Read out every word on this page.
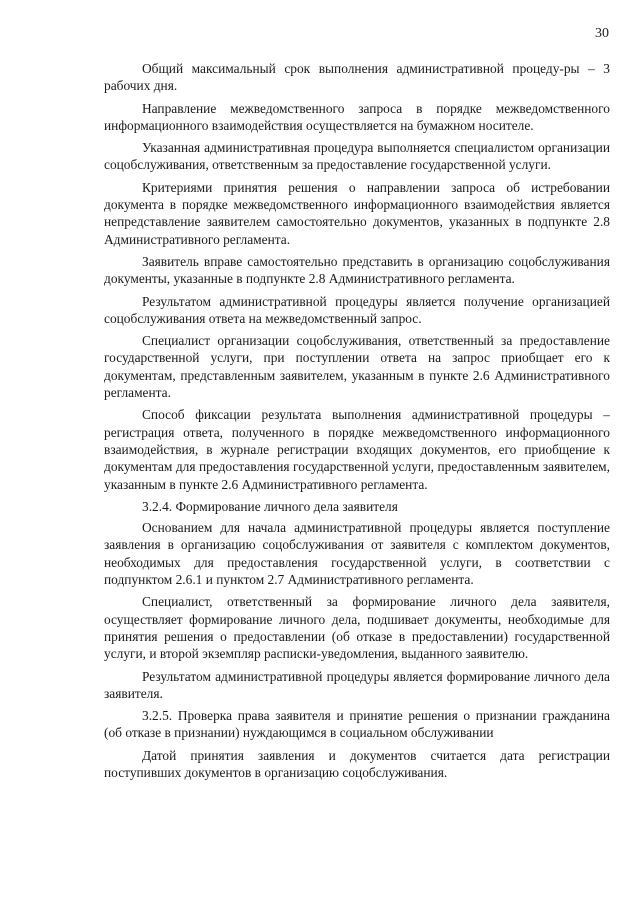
30

Общий максимальный срок выполнения административной процеду-ры – 3 рабочих дня.

Направление межведомственного запроса в порядке межведомственного информационного взаимодействия осуществляется на бумажном носителе.

Указанная административная процедура выполняется специалистом организации соцобслуживания, ответственным за предоставление государственной услуги.

Критериями принятия решения о направлении запроса об истребовании документа в порядке межведомственного информационного взаимодействия является непредставление заявителем самостоятельно документов, указанных в подпункте 2.8 Административного регламента.

Заявитель вправе самостоятельно представить в организацию соцобслуживания документы, указанные в подпункте 2.8 Административного регламента.

Результатом административной процедуры является получение организацией соцобслуживания ответа на межведомственный запрос.

Специалист организации соцобслуживания, ответственный за предоставление государственной услуги, при поступлении ответа на запрос приобщает его к документам, представленным заявителем, указанным в пункте 2.6 Административного регламента.

Способ фиксации результата выполнения административной процедуры – регистрация ответа, полученного в порядке межведомственного информационного взаимодействия, в журнале регистрации входящих документов, его приобщение к документам для предоставления государственной услуги, предоставленным заявителем, указанным в пункте 2.6 Административного регламента.

3.2.4. Формирование личного дела заявителя

Основанием для начала административной процедуры является поступление заявления в организацию соцобслуживания от заявителя с комплектом документов, необходимых для предоставления государственной услуги, в соответствии с подпунктом 2.6.1 и пунктом 2.7 Административного регламента.

Специалист, ответственный за формирование личного дела заявителя, осуществляет формирование личного дела, подшивает документы, необходимые для принятия решения о предоставлении (об отказе в предоставлении) государственной услуги, и второй экземпляр расписки-уведомления, выданного заявителю.

Результатом административной процедуры является формирование личного дела заявителя.

3.2.5. Проверка права заявителя и принятие решения о признании гражданина (об отказе в признании) нуждающимся в социальном обслуживании

Датой принятия заявления и документов считается дата регистрации поступивших документов в организацию соцобслуживания.
